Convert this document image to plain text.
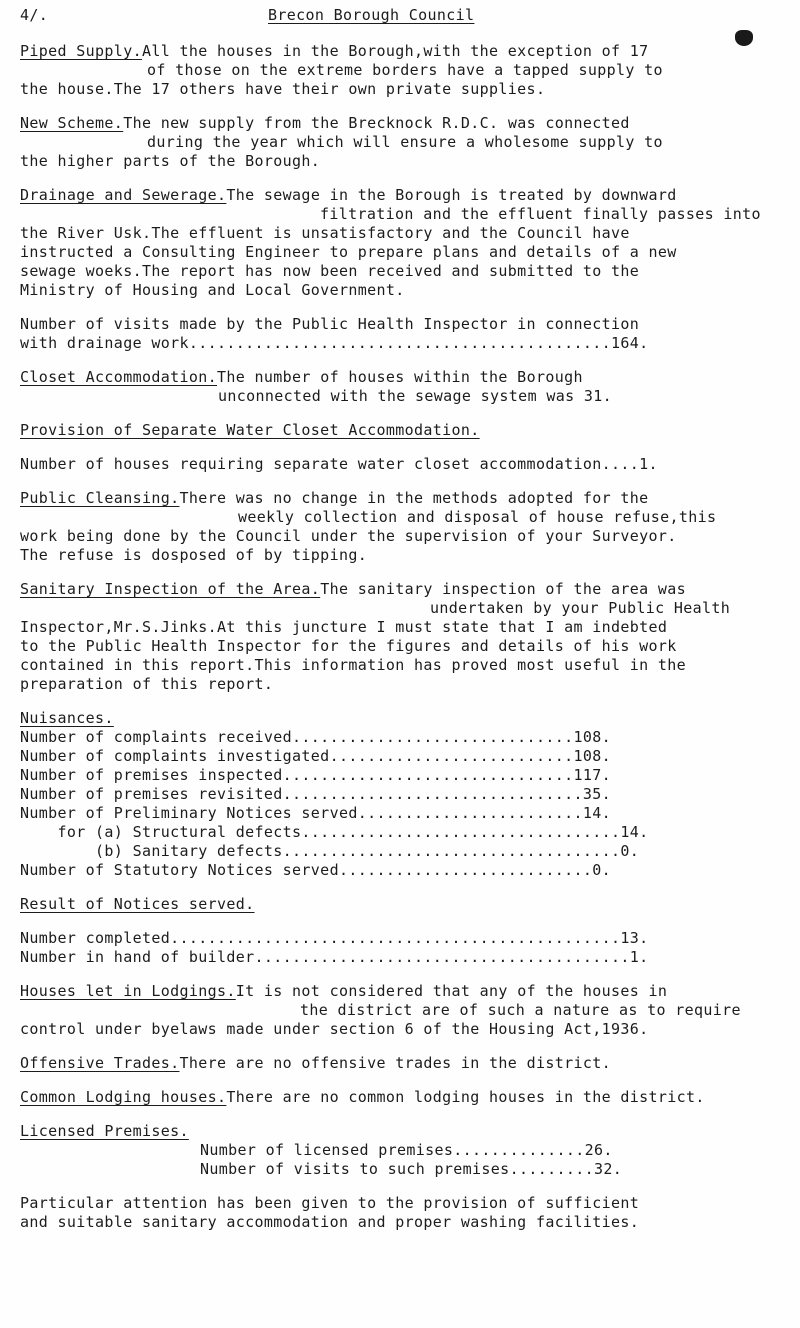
4/.	Brecon Borough Council
Piped Supply.All the houses in the Borough,with the exception of 17
of those on the extreme borders have a tapped supply to
the house.The 17 others have their own private supplies.
New Scheme.The new supply from the Brecknock R.D.C. was connected
during the year which will ensure a wholesome supply to
the higher parts of the Borough.
Drainage and Sewerage.The sewage in the Borough is treated by downward
filtration and the effluent finally passes into
the River Usk.The effluent is unsatisfactory and the Council have
instructed a Consulting Engineer to prepare plans and details of a new
sewage woeks.The report has now been received and submitted to the
Ministry of Housing and Local Government.
Number of visits made by the Public Health Inspector in connection
with drainage work.............................................164.
Closet Accommodation.The number of houses within the Borough
unconnected with the sewage system was 31.
Provision of Separate Water Closet Accommodation.
Number of houses requiring separate water closet accommodation....1.
Public Cleansing.There was no change in the methods adopted for the
weekly collection and disposal of house refuse,this
work being done by the Council under the supervision of your Surveyor.
The refuse is dosposed of by tipping.
Sanitary Inspection of the Area.The sanitary inspection of the area was
undertaken by your Public Health
Inspector,Mr.S.Jinks.At this juncture I must state that I am indebted
to the Public Health Inspector for the figures and details of his work
contained in this report.This information has proved most useful in the
preparation of this report.
Nuisances.
Number of complaints received..............................108.
Number of complaints investigated..........................108.
Number of premises inspected...............................117.
Number of premises revisited................................35.
Number of Preliminary Notices served........................14.
for (a) Structural defects..................................14.
(b) Sanitary defects....................................0.
Number of Statutory Notices served...........................0.
Result of Notices served.
Number completed................................................13.
Number in hand of builder........................................1.
Houses let in Lodgings.It is not considered that any of the houses in
the district are of such a nature as to require
control under byelaws made under section 6 of the Housing Act,1936.
Offensive Trades.There are no offensive trades in the district.
Common Lodging houses.There are no common lodging houses in the district.
Licensed Premises.
Number of licensed premises..............26.
Number of visits to such premises.........32.
Particular attention has been given to the provision of sufficient
and suitable sanitary accommodation and proper washing facilities.
